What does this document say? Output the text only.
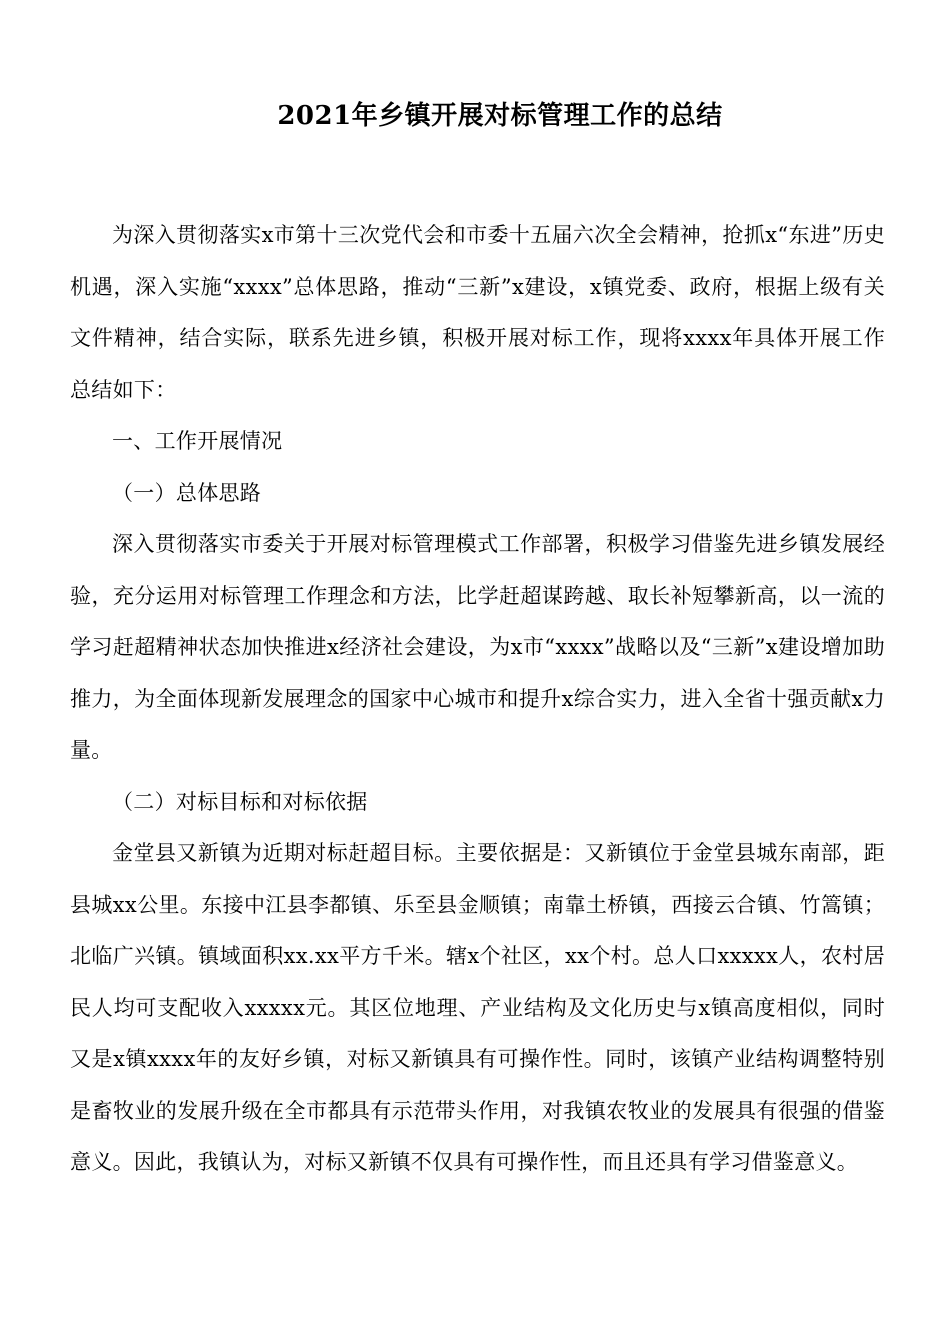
2021年乡镇开展对标管理工作的总结

为深入贯彻落实x市第十三次党代会和市委十五届六次全会精神，抢抓x“东进”历史机遇，深入实施“xxxx”总体思路，推动“三新”x建设，x镇党委、政府，根据上级有关文件精神，结合实际，联系先进乡镇，积极开展对标工作，现将xxxx年具体开展工作总结如下：

一、工作开展情况

（一）总体思路

深入贯彻落实市委关于开展对标管理模式工作部署，积极学习借鉴先进乡镇发展经验，充分运用对标管理工作理念和方法，比学赶超谋跨越、取长补短攀新高，以一流的学习赶超精神状态加快推进x经济社会建设，为x市“xxxx”战略以及“三新”x建设增加助推力，为全面体现新发展理念的国家中心城市和提升x综合实力，进入全省十强贡献x力量。

（二）对标目标和对标依据

金堂县又新镇为近期对标赶超目标。主要依据是：又新镇位于金堂县城东南部，距县城xx公里。东接中江县李都镇、乐至县金顺镇；南靠土桥镇，西接云合镇、竹篙镇；北临广兴镇。镇域面积xx.xx平方千米。辖x个社区，xx个村。总人口xxxxx人，农村居民人均可支配收入xxxxx元。其区位地理、产业结构及文化历史与x镇高度相似，同时又是x镇xxxx年的友好乡镇，对标又新镇具有可操作性。同时，该镇产业结构调整特别是畜牧业的发展升级在全市都具有示范带头作用，对我镇农牧业的发展具有很强的借鉴意义。因此，我镇认为，对标又新镇不仅具有可操作性，而且还具有学习借鉴意义。
